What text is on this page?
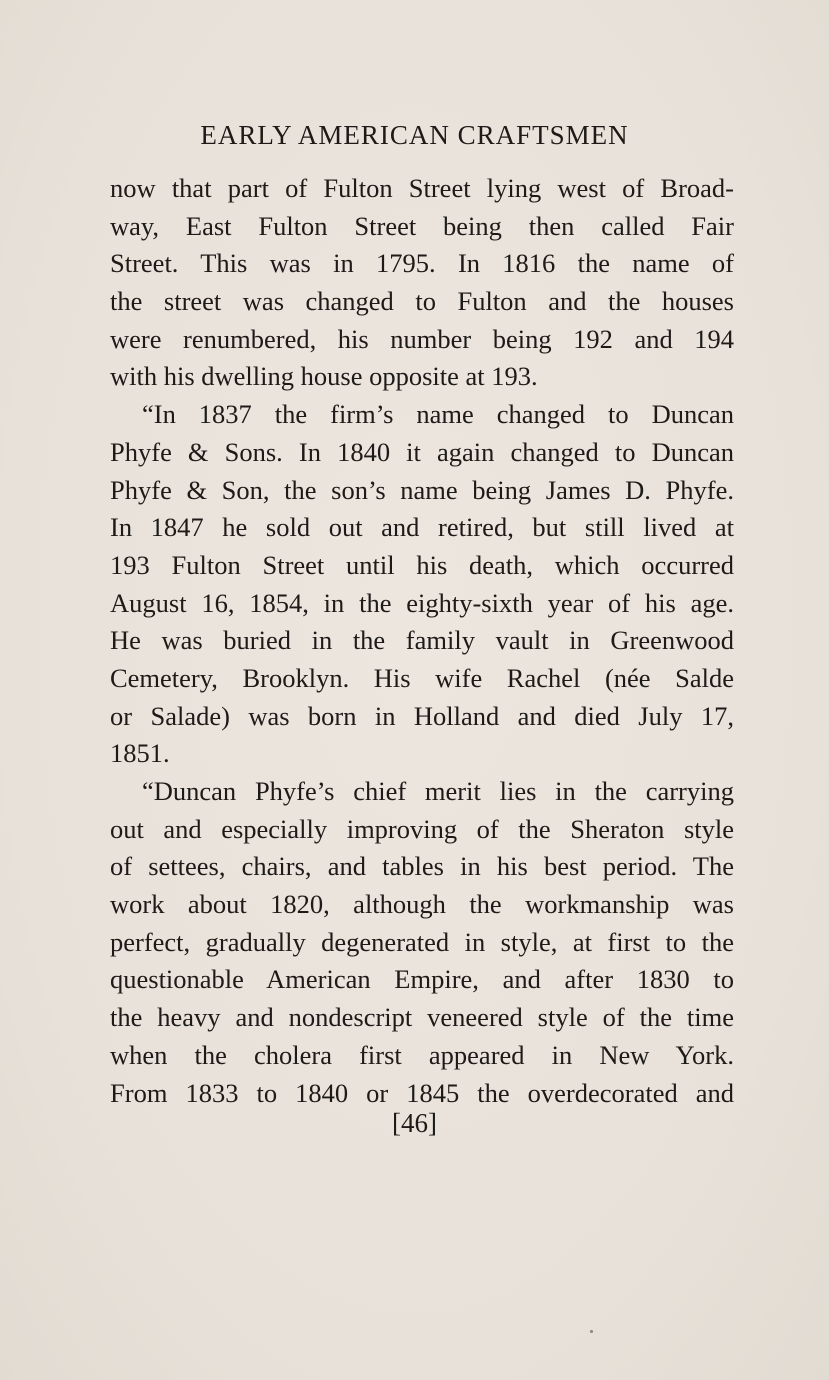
EARLY AMERICAN CRAFTSMEN
now that part of Fulton Street lying west of Broad-
way, East Fulton Street being then called Fair
Street. This was in 1795. In 1816 the name of
the street was changed to Fulton and the houses
were renumbered, his number being 192 and 194
with his dwelling house opposite at 193.
“In 1837 the firm’s name changed to Duncan
Phyfe & Sons. In 1840 it again changed to Duncan
Phyfe & Son, the son’s name being James D. Phyfe.
In 1847 he sold out and retired, but still lived at
193 Fulton Street until his death, which occurred
August 16, 1854, in the eighty-sixth year of his age.
He was buried in the family vault in Greenwood
Cemetery, Brooklyn. His wife Rachel (née Salde
or Salade) was born in Holland and died July 17,
1851.
“Duncan Phyfe’s chief merit lies in the carrying
out and especially improving of the Sheraton style
of settees, chairs, and tables in his best period. The
work about 1820, although the workmanship was
perfect, gradually degenerated in style, at first to the
questionable American Empire, and after 1830 to
the heavy and nondescript veneered style of the time
when the cholera first appeared in New York.
From 1833 to 1840 or 1845 the overdecorated and
[46]
